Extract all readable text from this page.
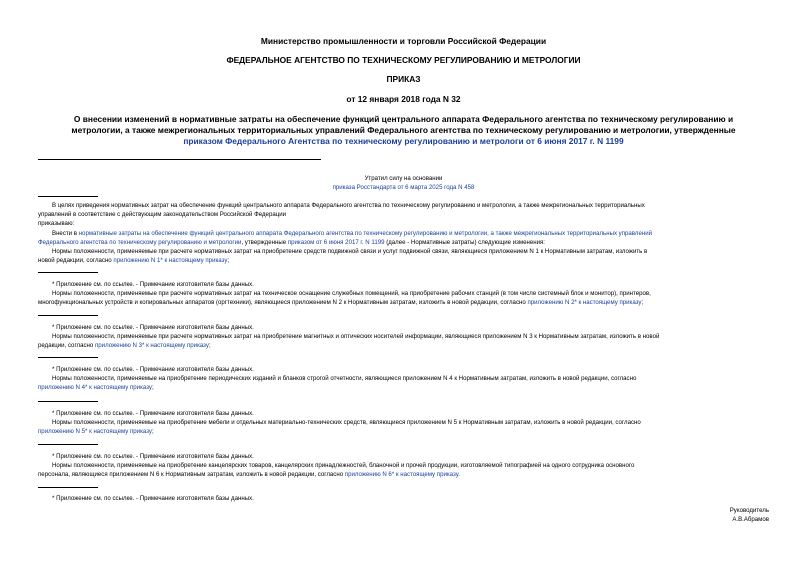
Министерство промышленности и торговли Российской Федерации
ФЕДЕРАЛЬНОЕ АГЕНТСТВО ПО ТЕХНИЧЕСКОМУ РЕГУЛИРОВАНИЮ И МЕТРОЛОГИИ
ПРИКАЗ
от 12 января 2018 года N 32
О внесении изменений в нормативные затраты на обеспечение функций центрального аппарата Федерального агентства по техническому регулированию и
метрологии, а также межрегиональных территориальных управлений Федерального агентства по техническому регулированию и метрологии, утвержденные
приказом Федерального Агентства по техническому регулированию и метрологи от 6 июня 2017 г. N 1199
Утратил силу на основании
приказа Росстандарта от 6 марта 2025 года N 458
В целях приведения нормативных затрат на обеспечение функций центрального аппарата Федерального агентства по техническому регулированию и метрологии, а также межрегиональных территориальных
управлений в соответствие с действующим законодательством Российской Федерации
приказываю:
Внести в нормативные затраты на обеспечение функций центрального аппарата Федерального агентства по техническому регулированию и метрологии, а также межрегиональных территориальных управлений
Федерального агентства по техническому регулированию и метрологии, утвержденные приказом от 6 июня 2017 г. N 1199 (далее - Нормативные затраты) следующие изменения:
Нормы положенности, применяемые при расчете нормативных затрат на приобретение средств подвижной связи и услуг подвижной связи, являющиеся приложением N 1 к Нормативным затратам, изложить в
новой редакции, согласно приложению N 1* к настоящему приказу;
* Приложение см. по ссылке. - Примечание изготовителя базы данных.
Нормы положенности, применяемые при расчете нормативных затрат на техническое оснащение служебных помещений, на приобретение рабочих станций (в том числе системный блок и монитор), принтеров,
многофункциональных устройств и копировальных аппаратов (оргтехники), являющиеся приложением N 2 к Нормативным затратам, изложить в новой редакции, согласно приложению N 2* к настоящему приказу;
* Приложение см. по ссылке. - Примечание изготовителя базы данных.
Нормы положенности, применяемые при расчете нормативных затрат на приобретение магнитных и оптических носителей информации, являющиеся приложением N 3 к Нормативным затратам, изложить в новой
редакции, согласно приложению N 3* к настоящему приказу;
* Приложение см. по ссылке. - Примечание изготовителя базы данных.
Нормы положенности, применяемые на приобретение периодических изданий и бланков строгой отчетности, являющиеся приложением N 4 к Нормативным затратам, изложить в новой редакции, согласно
приложению N 4* к настоящему приказу;
* Приложение см. по ссылке. - Примечание изготовителя базы данных.
Нормы положенности, применяемые на приобретение мебели и отдельных материально-технических средств, являющиеся приложением N 5 к Нормативным затратам, изложить в новой редакции, согласно
приложению N 5* к настоящему приказу;
* Приложение см. по ссылке. - Примечание изготовителя базы данных.
Нормы положенности, применяемые на приобретение канцелярских товаров, канцелярских принадлежностей, бланочной и прочей продукции, изготовляемой типографией на одного сотрудника основного
персонала, являющиеся приложением N 6 к Нормативным затратам, изложить в новой редакции, согласно приложению N 6* к настоящему приказу.
* Приложение см. по ссылке. - Примечание изготовителя базы данных.
Руководитель
А.В.Абрамов
